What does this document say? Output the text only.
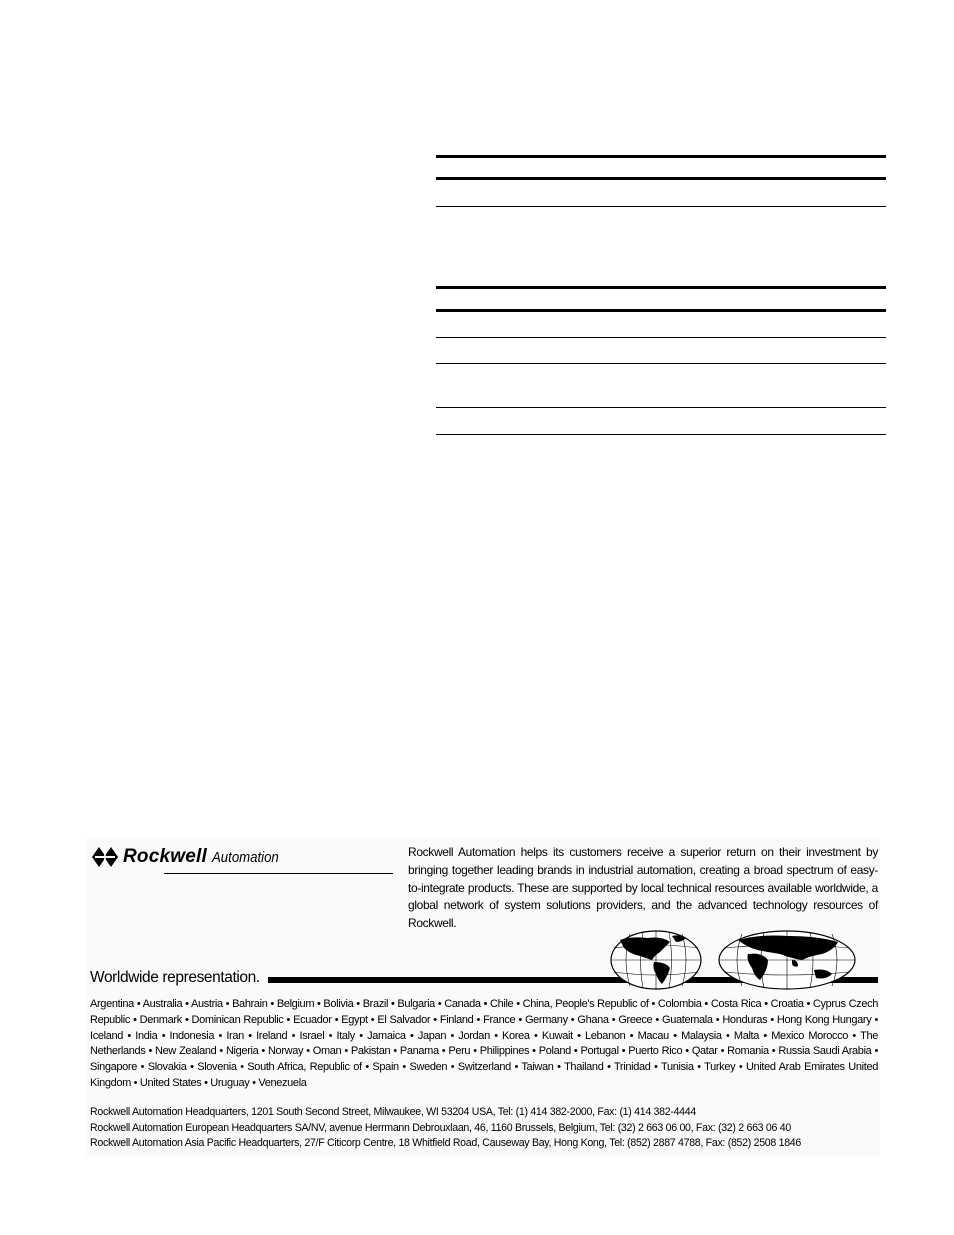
Rockwell Automation	Rockwell Automation helps its customers receive a superior return on their investment by bringing together leading brands in industrial automation, creating a broad spectrum of easy-to-integrate products. These are supported by local technical resources available worldwide, a global network of system solutions providers, and the advanced technology resources of Rockwell.
Worldwide representation.
Argentina • Australia • Austria • Bahrain • Belgium • Bolivia • Brazil • Bulgaria • Canada • Chile • China, People's Republic of • Colombia • Costa Rica • Croatia • Cyprus Czech Republic • Denmark • Dominican Republic • Ecuador • Egypt • El Salvador • Finland • France • Germany • Ghana • Greece • Guatemala • Honduras • Hong Kong Hungary • Iceland • India • Indonesia • Iran • Ireland • Israel • Italy • Jamaica • Japan • Jordan • Korea • Kuwait • Lebanon • Macau • Malaysia • Malta • Mexico Morocco • The Netherlands • New Zealand • Nigeria • Norway • Oman • Pakistan • Panama • Peru • Philippines • Poland • Portugal • Puerto Rico • Qatar • Romania • Russia Saudi Arabia • Singapore • Slovakia • Slovenia • South Africa, Republic of • Spain • Sweden • Switzerland • Taiwan • Thailand • Trinidad • Tunisia • Turkey • United Arab Emirates United Kingdom • United States • Uruguay • Venezuela
Rockwell Automation Headquarters, 1201 South Second Street, Milwaukee, WI 53204 USA, Tel: (1) 414 382-2000, Fax: (1) 414 382-4444
Rockwell Automation European Headquarters SA/NV, avenue Herrmann Debrouxlaan, 46, 1160 Brussels, Belgium, Tel: (32) 2 663 06 00, Fax: (32) 2 663 06 40
Rockwell Automation Asia Pacific Headquarters, 27/F Citicorp Centre, 18 Whitfield Road, Causeway Bay, Hong Kong, Tel: (852) 2887 4788, Fax: (852) 2508 1846
